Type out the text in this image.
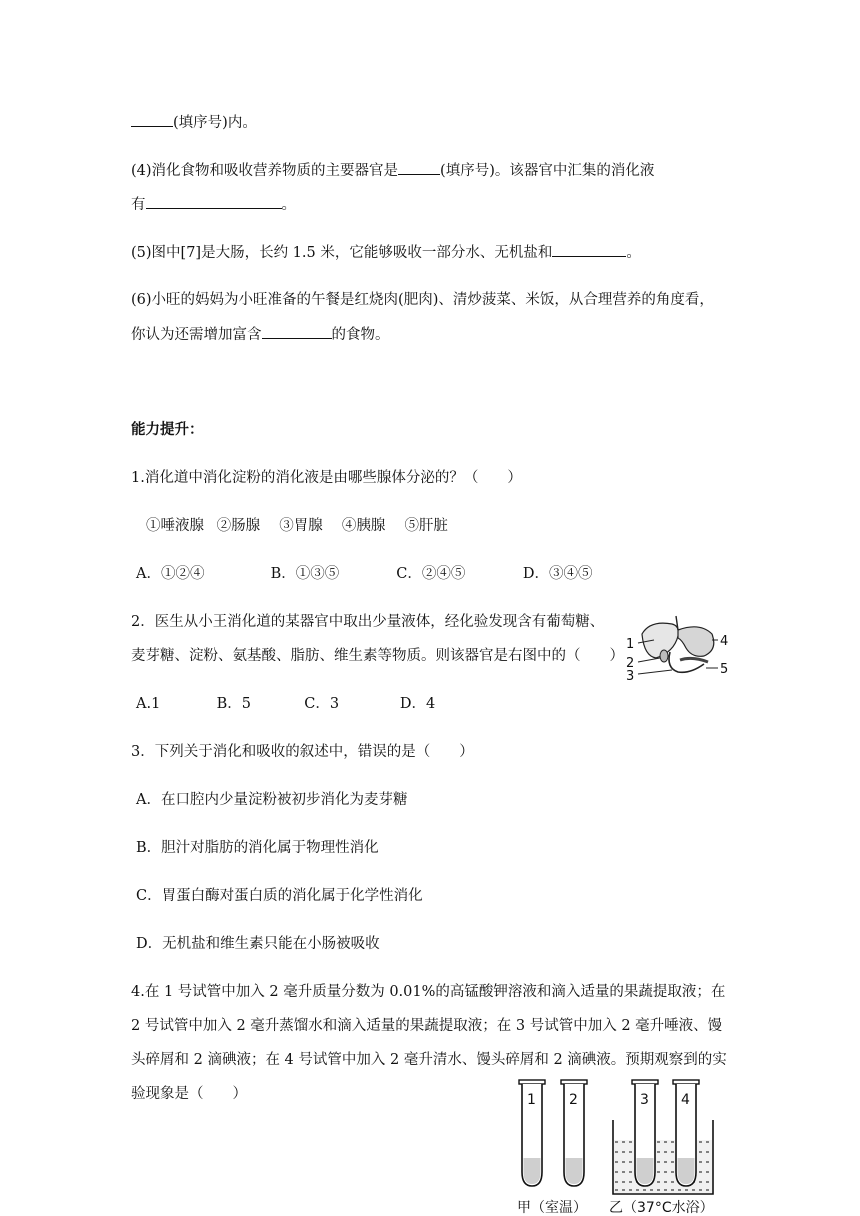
(填序号)内。
(4)消化食物和吸收营养物质的主要器官是	(填序号)。该器官中汇集的消化液
有	。
(5)图中[7]是大肠，长约 1.5 米，它能够吸收一部分水、无机盐和	。
(6)小旺的妈妈为小旺准备的午餐是红烧肉(肥肉)、清炒菠菜、米饭，从合理营养的角度看，
你认为还需增加富含	的食物。
能力提升：
1.消化道中消化淀粉的消化液是由哪些腺体分泌的？（　　）
①唾液腺 ②肠腺 ③胃腺 ④胰腺 ⑤肝脏
A．①②④	B．①③⑤	C．②④⑤	D．③④⑤
2．医生从小王消化道的某器官中取出少量液体，经化验发现含有葡萄糖、
麦芽糖、淀粉、氨基酸、脂肪、维生素等物质。则该器官是右图中的（　　）
A.1	B．5	C．3	D．4
1
2
3
4
5
3．下列关于消化和吸收的叙述中，错误的是（　　）
A．在口腔内少量淀粉被初步消化为麦芽糖
B．胆汁对脂肪的消化属于物理性消化
C．胃蛋白酶对蛋白质的消化属于化学性消化
D．无机盐和维生素只能在小肠被吸收
4.在 1 号试管中加入 2 毫升质量分数为 0.01%的高锰酸钾溶液和滴入适量的果蔬提取液；在
2 号试管中加入 2 毫升蒸馏水和滴入适量的果蔬提取液；在 3 号试管中加入 2 毫升唾液、馒
头碎屑和 2 滴碘液；在 4 号试管中加入 2 毫升清水、馒头碎屑和 2 滴碘液。预期观察到的实
验现象是（　　）	1 2	3 4
甲（室温） 乙（37°C水浴）
